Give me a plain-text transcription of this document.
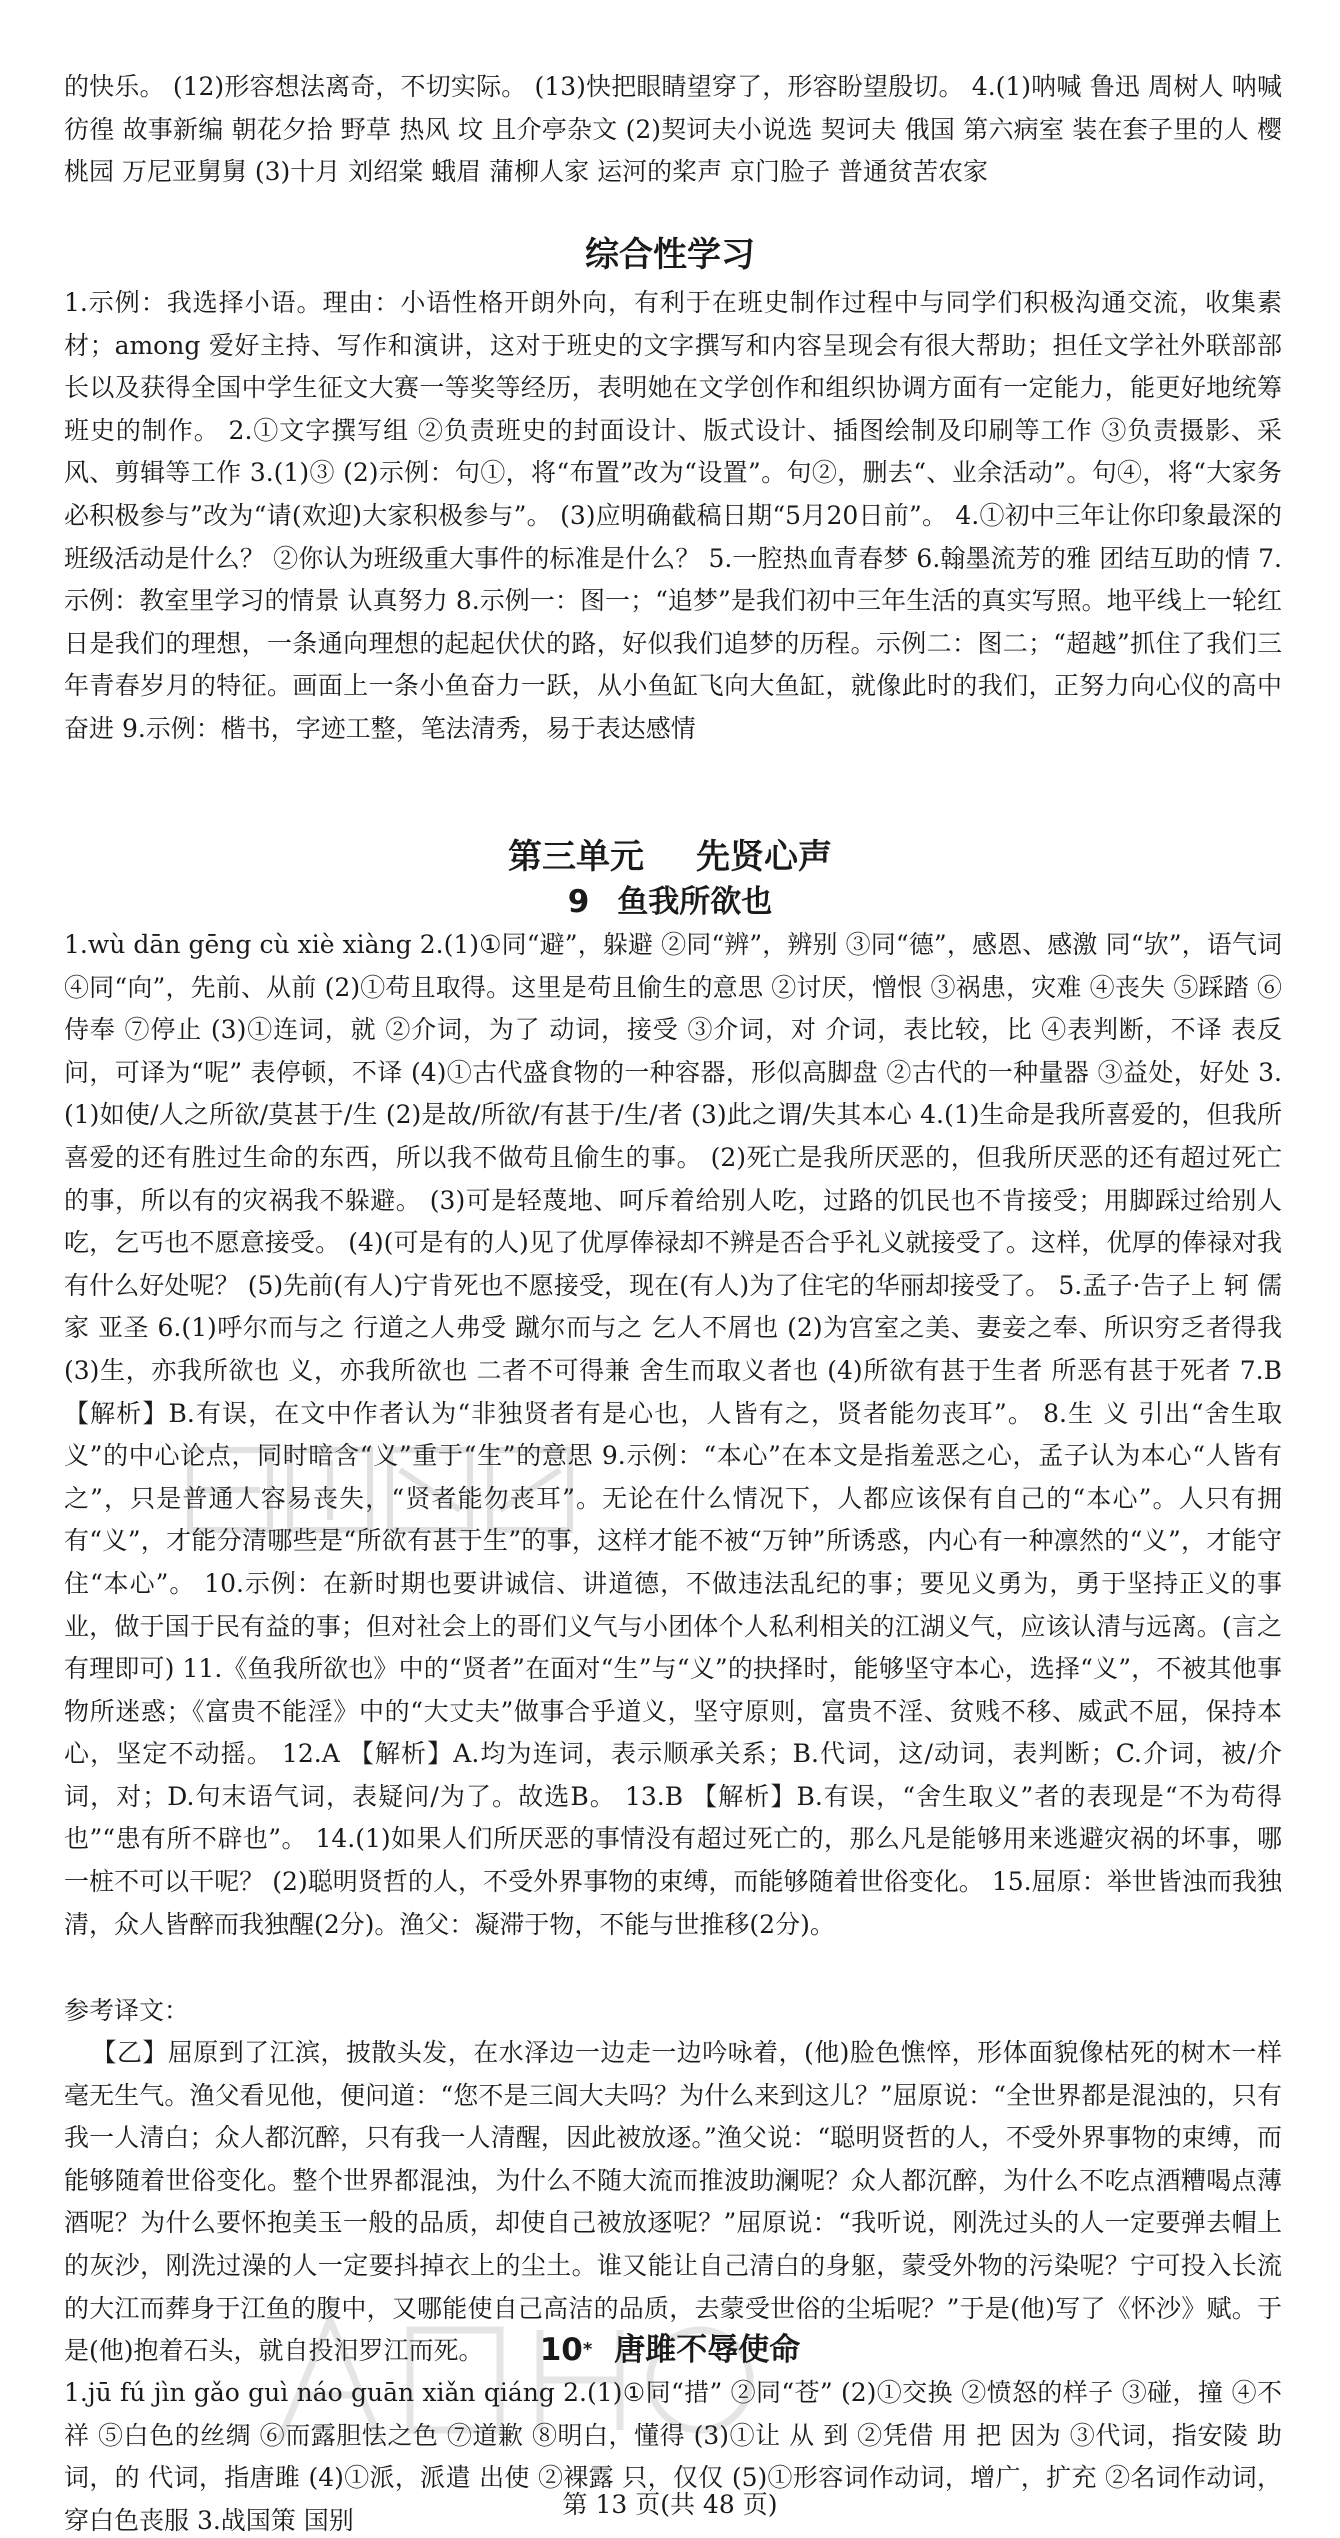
的快乐。 (12)形容想法离奇，不切实际。 (13)快把眼睛望穿了，形容盼望殷切。 4.(1)呐喊 鲁迅 周树人 呐喊 彷徨 故事新编 朝花夕拾 野草 热风 坟 且介亭杂文 (2)契诃夫小说选 契诃夫 俄国 第六病室 装在套子里的人 樱桃园 万尼亚舅舅 (3)十月 刘绍棠 蛾眉 蒲柳人家 运河的桨声 京门脸子 普通贫苦农家

综合性学习

1.示例：我选择小语。理由：小语性格开朗外向，有利于在班史制作过程中与同学们积极沟通交流，收集素材；among 爱好主持、写作和演讲，这对于班史的文字撰写和内容呈现会有很大帮助；担任文学社外联部部长以及获得全国中学生征文大赛一等奖等经历，表明她在文学创作和组织协调方面有一定能力，能更好地统筹班史的制作。 2.①文字撰写组 ②负责班史的封面设计、版式设计、插图绘制及印刷等工作 ③负责摄影、采风、剪辑等工作 3.(1)③ (2)示例：句①，将“布置”改为“设置”。句②，删去“、业余活动”。句④，将“大家务必积极参与”改为“请(欢迎)大家积极参与”。 (3)应明确截稿日期“5月20日前”。 4.①初中三年让你印象最深的班级活动是什么？ ②你认为班级重大事件的标准是什么？ 5.一腔热血青春梦 6.翰墨流芳的雅 团结互助的情 7.示例：教室里学习的情景 认真努力 8.示例一：图一；“追梦”是我们初中三年生活的真实写照。地平线上一轮红日是我们的理想，一条通向理想的起起伏伏的路，好似我们追梦的历程。示例二：图二；“超越”抓住了我们三年青春岁月的特征。画面上一条小鱼奋力一跃，从小鱼缸飞向大鱼缸，就像此时的我们，正努力向心仪的高中奋进 9.示例：楷书，字迹工整，笔法清秀，易于表达感情

第三单元 先贤心声
9 鱼我所欲也

1.wù dān gēng cù xiè xiàng 2.(1)①同“避”，躲避 ②同“辨”，辨别 ③同“德”，感恩、感激 同“欤”，语气词 ④同“向”，先前、从前 (2)①苟且取得。这里是苟且偷生的意思 ②讨厌，憎恨 ③祸患，灾难 ④丧失 ⑤踩踏 ⑥侍奉 ⑦停止 (3)①连词，就 ②介词，为了 动词，接受 ③介词，对 介词，表比较，比 ④表判断，不译 表反问，可译为“呢” 表停顿，不译 (4)①古代盛食物的一种容器，形似高脚盘 ②古代的一种量器 ③益处，好处 3.(1)如使/人之所欲/莫甚于/生 (2)是故/所欲/有甚于/生/者 (3)此之谓/失其本心 4.(1)生命是我所喜爱的，但我所喜爱的还有胜过生命的东西，所以我不做苟且偷生的事。 (2)死亡是我所厌恶的，但我所厌恶的还有超过死亡的事，所以有的灾祸我不躲避。 (3)可是轻蔑地、呵斥着给别人吃，过路的饥民也不肯接受；用脚踩过给别人吃，乞丐也不愿意接受。 (4)(可是有的人)见了优厚俸禄却不辨是否合乎礼义就接受了。这样，优厚的俸禄对我有什么好处呢？ (5)先前(有人)宁肯死也不愿接受，现在(有人)为了住宅的华丽却接受了。 5.孟子·告子上 轲 儒家 亚圣 6.(1)呼尔而与之 行道之人弗受 蹴尔而与之 乞人不屑也 (2)为宫室之美、妻妾之奉、所识穷乏者得我 (3)生，亦我所欲也 义，亦我所欲也 二者不可得兼 舍生而取义者也 (4)所欲有甚于生者 所恶有甚于死者 7.B 【解析】B.有误，在文中作者认为“非独贤者有是心也，人皆有之，贤者能勿丧耳”。 8.生 义 引出“舍生取义”的中心论点，同时暗含“义”重于“生”的意思 9.示例：“本心”在本文是指羞恶之心，孟子认为本心“人皆有之”，只是普通人容易丧失，“贤者能勿丧耳”。无论在什么情况下，人都应该保有自己的“本心”。人只有拥有“义”，才能分清哪些是“所欲有甚于生”的事，这样才能不被“万钟”所诱惑，内心有一种凛然的“义”，才能守住“本心”。 10.示例：在新时期也要讲诚信、讲道德，不做违法乱纪的事；要见义勇为，勇于坚持正义的事业，做于国于民有益的事；但对社会上的哥们义气与小团体个人私利相关的江湖义气，应该认清与远离。(言之有理即可) 11.《鱼我所欲也》中的“贤者”在面对“生”与“义”的抉择时，能够坚守本心，选择“义”，不被其他事物所迷惑；《富贵不能淫》中的“大丈夫”做事合乎道义，坚守原则，富贵不淫、贫贱不移、威武不屈，保持本心，坚定不动摇。 12.A 【解析】A.均为连词，表示顺承关系；B.代词，这/动词，表判断；C.介词，被/介词，对；D.句末语气词，表疑问/为了。故选B。 13.B 【解析】B.有误，“舍生取义”者的表现是“不为苟得也”“患有所不辟也”。 14.(1)如果人们所厌恶的事情没有超过死亡的，那么凡是能够用来逃避灾祸的坏事，哪一桩不可以干呢？ (2)聪明贤哲的人，不受外界事物的束缚，而能够随着世俗变化。 15.屈原：举世皆浊而我独清，众人皆醉而我独醒(2分)。渔父：凝滞于物，不能与世推移(2分)。

参考译文：

【乙】屈原到了江滨，披散头发，在水泽边一边走一边吟咏着，(他)脸色憔悴，形体面貌像枯死的树木一样毫无生气。渔父看见他，便问道：“您不是三闾大夫吗？为什么来到这儿？”屈原说：“全世界都是混浊的，只有我一人清白；众人都沉醉，只有我一人清醒，因此被放逐。”渔父说：“聪明贤哲的人，不受外界事物的束缚，而能够随着世俗变化。整个世界都混浊，为什么不随大流而推波助澜呢？众人都沉醉，为什么不吃点酒糟喝点薄酒呢？为什么要怀抱美玉一般的品质，却使自己被放逐呢？”屈原说：“我听说，刚洗过头的人一定要弹去帽上的灰沙，刚洗过澡的人一定要抖掉衣上的尘土。谁又能让自己清白的身躯，蒙受外物的污染呢？宁可投入长流的大江而葬身于江鱼的腹中，又哪能使自己高洁的品质，去蒙受世俗的尘垢呢？”于是(他)写了《怀沙》赋。于是(他)抱着石头，就自投汨罗江而死。	10* 唐雎不辱使命

1.jū fú jìn gǎo guì náo guān xiǎn qiáng 2.(1)①同“措” ②同“苍” (2)①交换 ②愤怒的样子 ③碰，撞 ④不祥 ⑤白色的丝绸 ⑥而露胆怯之色 ⑦道歉 ⑧明白，懂得 (3)①让 从 到 ②凭借 用 把 因为 ③代词，指安陵 助词，的 代词，指唐雎 (4)①派，派遣 出使 ②裸露 只，仅仅 (5)①形容词作动词，增广，扩充 ②名词作动词，穿白色丧服 3.战国策 国别

第 13 页(共 48 页)
